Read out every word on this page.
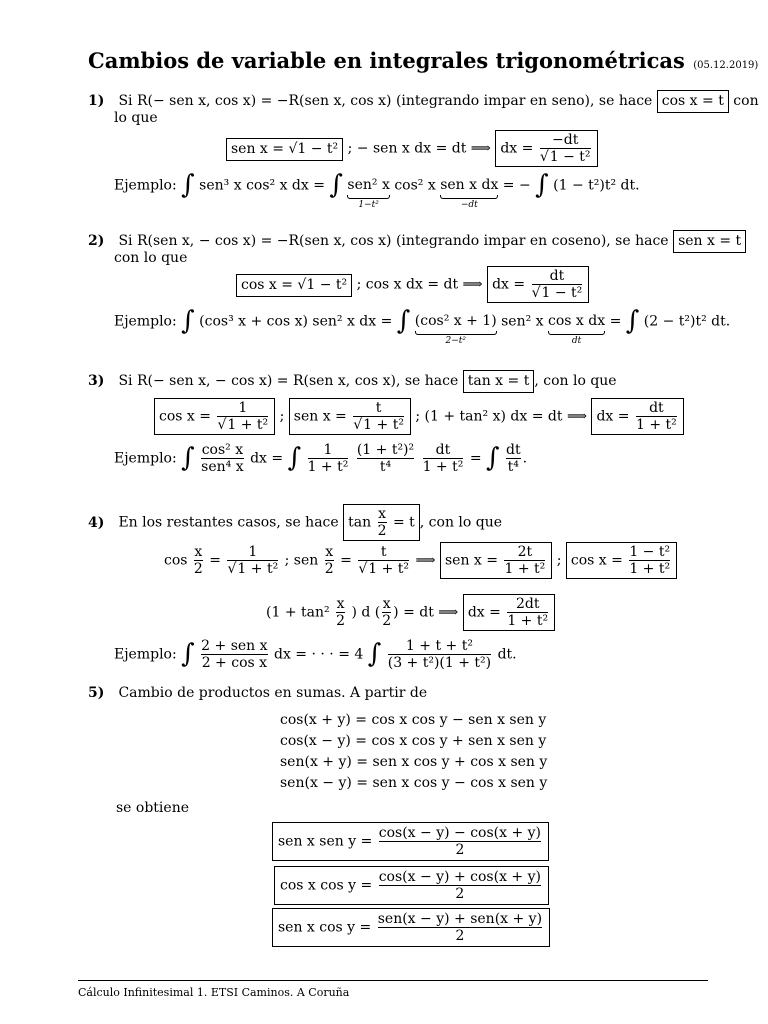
Cambios de variable en integrales trigonométricas (05.12.2019)
1) Si R(− sen x, cos x) = −R(sen x, cos x) (integrando impar en seno), se hace cos x = t con
lo que
sen x = √1 − t² ; − sen x dx = dt ⟹ dx = $\frac{-dt}{\text{√1 − t²}}$
Ejemplo: ∫ sen³ x cos² x dx = ∫ sen² x
1−t²
cos² x sen x dx
−dt
= − ∫ (1 − t²)t² dt.
2) Si R(sen x, − cos x) = −R(sen x, cos x) (integrando impar en coseno), se hace sen x = t
con lo que
cos x = √1 − t² ; cos x dx = dt ⟹ dx = $\frac{dt}{\text{√1 − t²}}$
Ejemplo: ∫ (cos³ x + cos x) sen² x dx = ∫ (cos² x + 1)
2−t²
sen² x cos x dx
dt
= ∫ (2 − t²)t² dt.
3) Si R(− sen x, − cos x) = R(sen x, cos x), se hace tan x = t , con lo que
$\cos x = \frac{1}{\text{√1 + t²}}$ ; sen $x = \frac{t}{\text{√1 + t²}}$ ; (1 + tan² x) dx = dt ⟹ dx = $\frac{dt}{\text{1 + t²}}$
Ejemplo: ∫ $\frac{\text{cos² x}}{\text{sen⁴ x}}$ dx = ∫ $\frac{1}{\text{1 + t²}}$
$\frac{\text{(1 + t²)²}}{\text{t⁴}}$
$\frac{dt}{\text{1 + t²}}$ = ∫ $\frac{dt}{\text{t⁴}}$ .
4) En los restantes casos, se hace $\tan \frac{x}{2} = t$ , con lo que
$\cos \frac{x}{2} = \frac{1}{\text{√1 + t²}}$ ; sen $\frac{x}{2} = \frac{t}{\text{√1 + t²}}$ ⟹ sen $x = \frac{2t}{\text{1 + t²}}$ ; $\cos x = \frac{\text{1 − t²}}{\text{1 + t²}}$
($1 + \tan^2 \frac{x}{2}$ ) d ( $\frac{x}{2}$ ) = dt ⟹ dx = $\frac{2dt}{\text{1 + t²}}$
Ejemplo: ∫ $\frac{\text{2 + sen x}}{\text{2 + cos x}}$ dx = · · · = 4 ∫ $\frac{\text{1 + t + t²}}{\text{(3 + t²)(1 + t²)}}$ dt.
5) Cambio de productos en sumas. A partir de
cos(x + y) = cos x cos y − sen x sen y
cos(x − y) = cos x cos y + sen x sen y
sen(x + y) = sen x cos y + cos x sen y
sen(x − y) = sen x cos y − cos x sen y
se obtiene
sen x sen $y = \frac{\cos(x - y) - \cos(x + y)}{2}$
cos x $\cos y = \frac{\cos(x - y) + \cos(x + y)}{2}$
sen x $\cos y = \frac{\text{sen(x − y) + sen(x + y)}}{2}$
Cálculo Infinitesimal 1. ETSI Caminos. A Coruña
